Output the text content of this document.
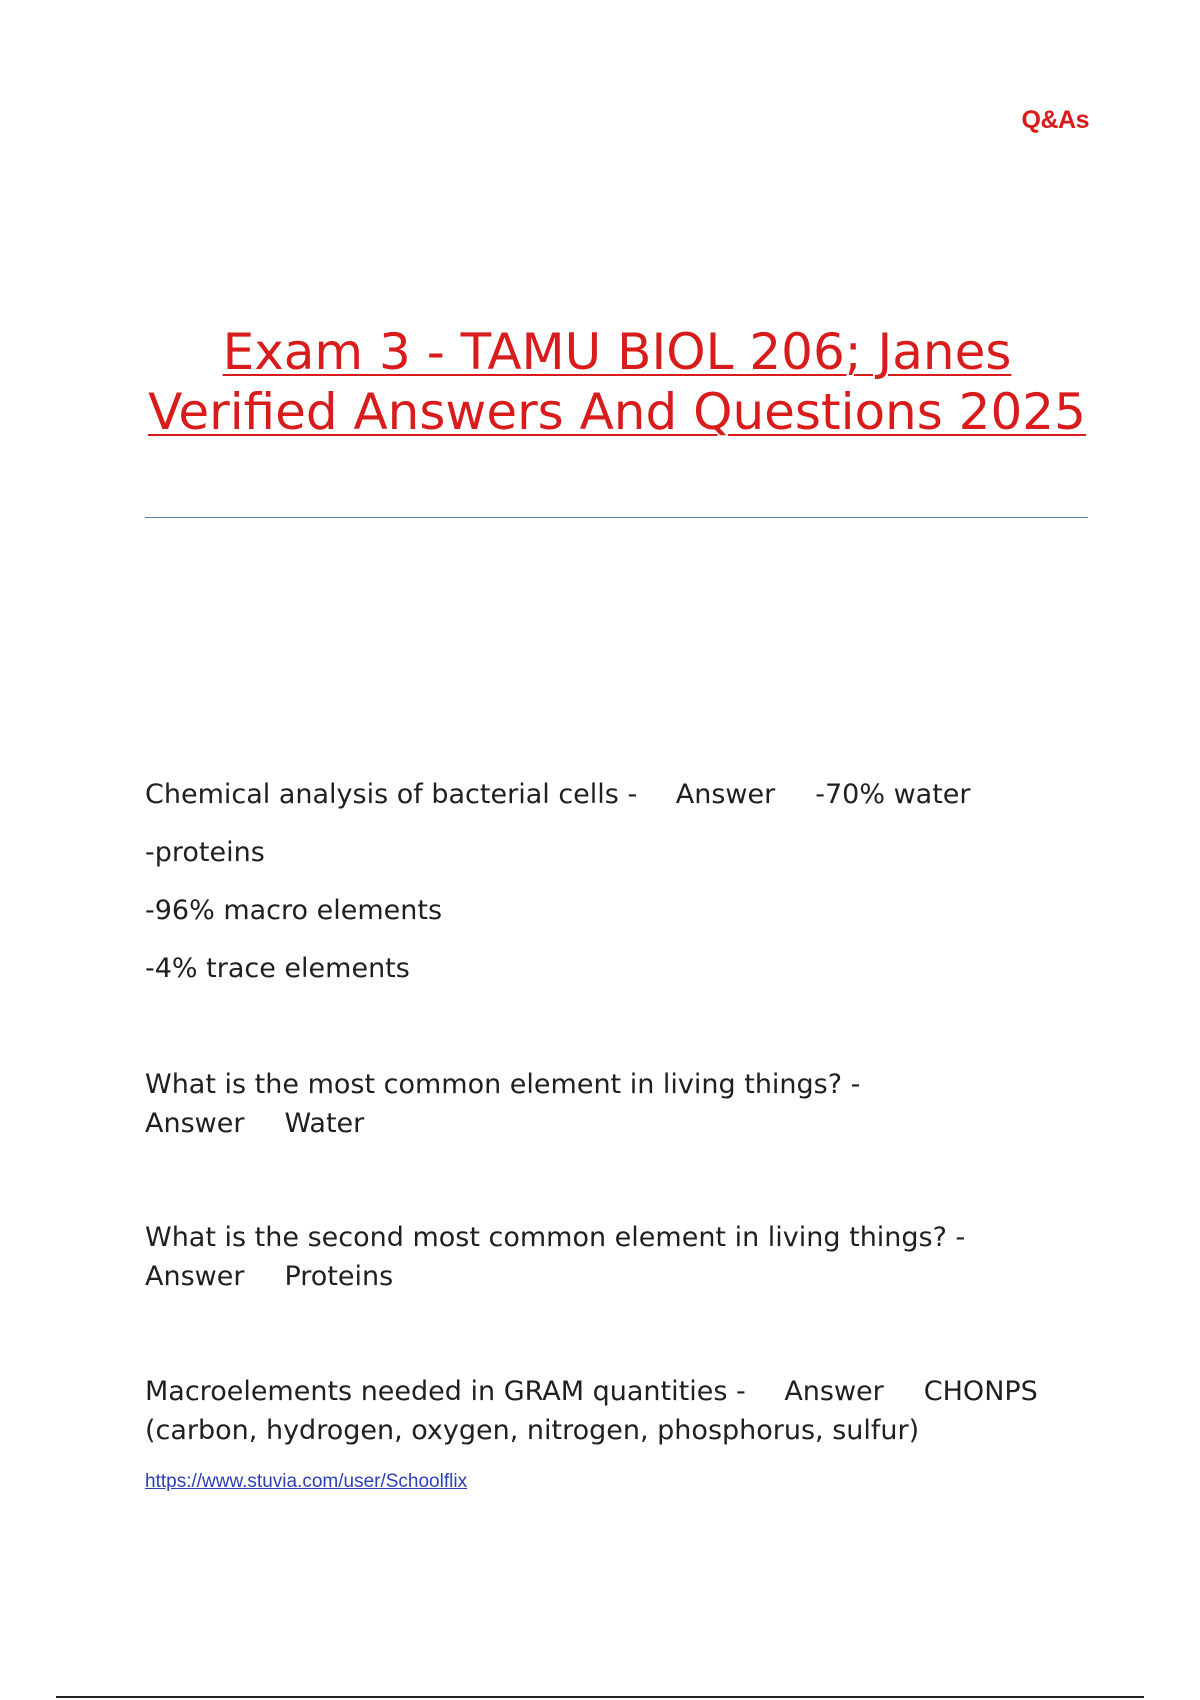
Q&As
Exam 3 - TAMU BIOL 206; Janes Verified Answers And Questions 2025

Chemical analysis of bacterial cells - Answer -70% water

-proteins

-96% macro elements

-4% trace elements

What is the most common element in living things? - Answer Water

What is the second most common element in living things? - Answer Proteins

Macroelements needed in GRAM quantities - Answer CHONPS (carbon, hydrogen, oxygen, nitrogen, phosphorus, sulfur)

https://www.stuvia.com/user/Schoolflix
